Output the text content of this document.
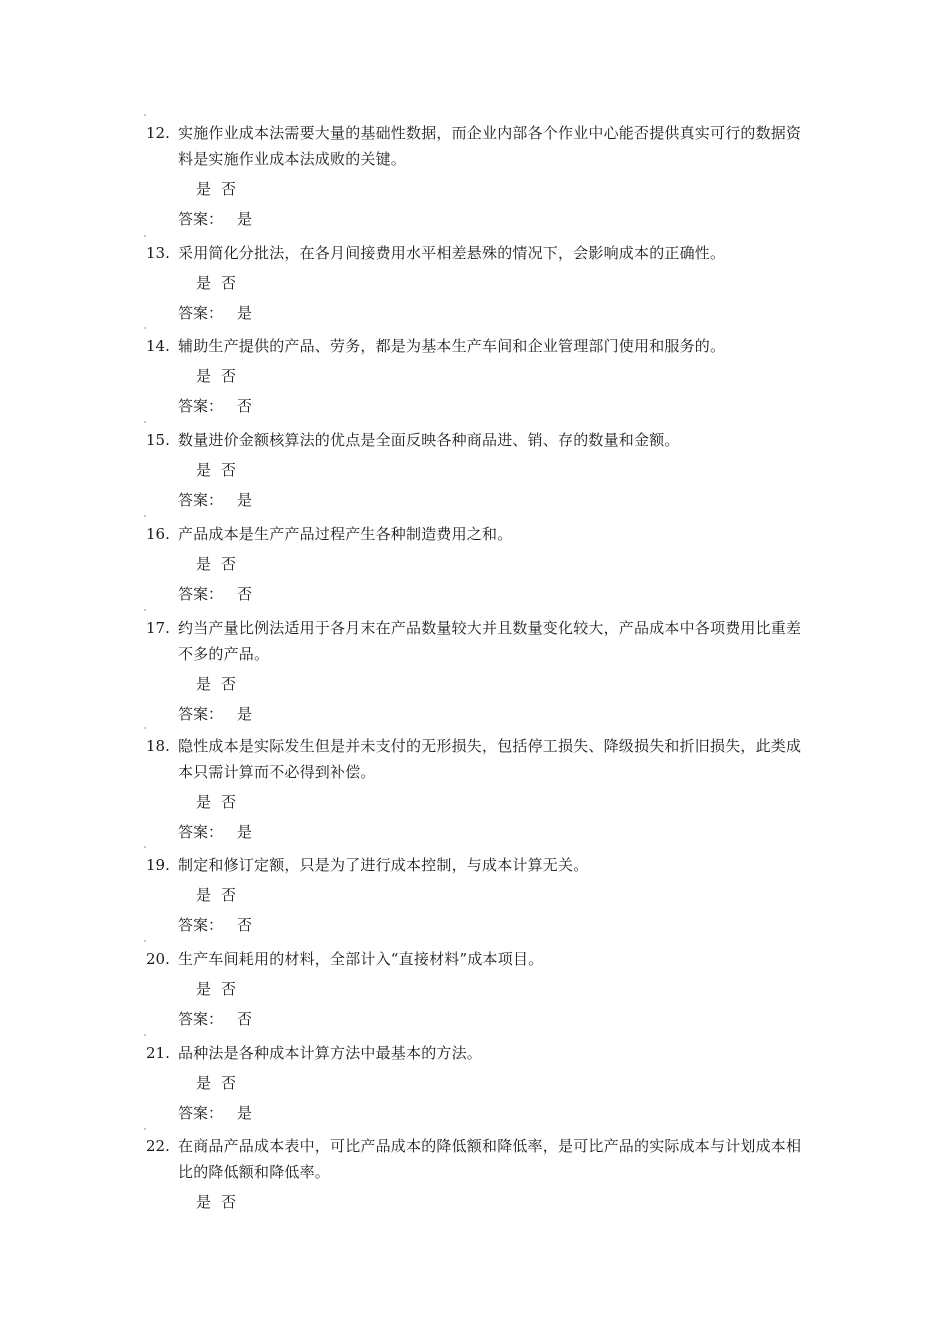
12. 实施作业成本法需要大量的基础性数据，而企业内部各个作业中心能否提供真实可行的数据资料是实施作业成本法成败的关键。
是 否
答案： 是
13. 采用简化分批法，在各月间接费用水平相差悬殊的情况下，会影响成本的正确性。
是 否
答案： 是
14. 辅助生产提供的产品、劳务，都是为基本生产车间和企业管理部门使用和服务的。
是 否
答案： 否
15. 数量进价金额核算法的优点是全面反映各种商品进、销、存的数量和金额。
是 否
答案： 是
16. 产品成本是生产产品过程产生各种制造费用之和。
是 否
答案： 否
17. 约当产量比例法适用于各月末在产品数量较大并且数量变化较大，产品成本中各项费用比重差不多的产品。
是 否
答案： 是
18. 隐性成本是实际发生但是并未支付的无形损失，包括停工损失、降级损失和折旧损失，此类成本只需计算而不必得到补偿。
是 否
答案： 是
19. 制定和修订定额，只是为了进行成本控制，与成本计算无关。
是 否
答案： 否
20. 生产车间耗用的材料，全部计入“直接材料”成本项目。
是 否
答案： 否
21. 品种法是各种成本计算方法中最基本的方法。
是 否
答案： 是
22. 在商品产品成本表中，可比产品成本的降低额和降低率，是可比产品的实际成本与计划成本相比的降低额和降低率。
是 否
